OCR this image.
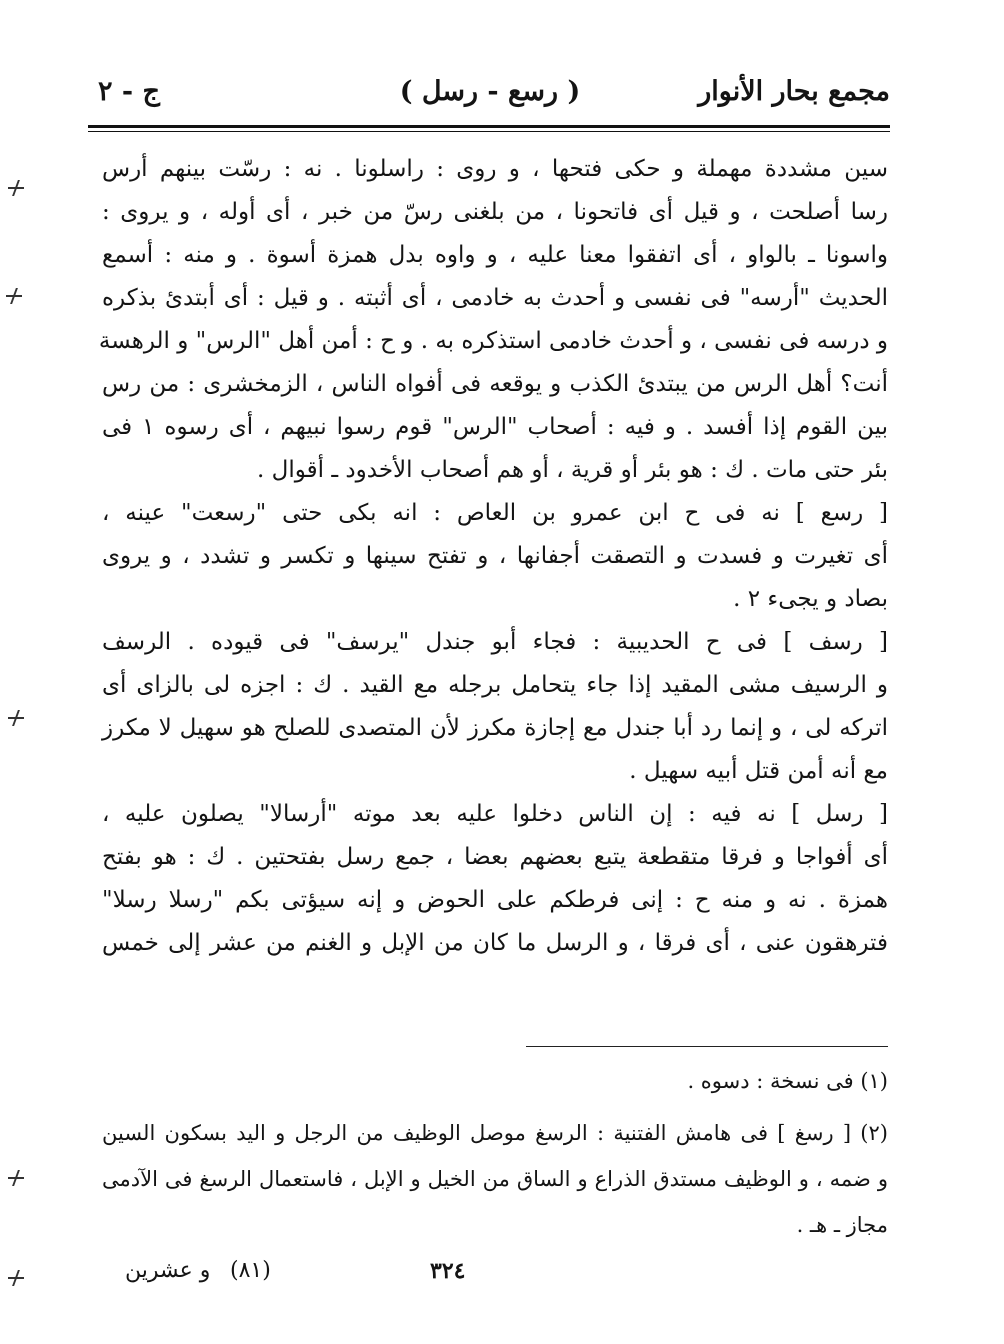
مجمع بحار الأنوار
( رسع - رسل )
ج - ٢
سين مشددة مهملة و حكى فتحها ، و روى : راسلونا . نه : رسّت بينهم أرس
رسا أصلحت ، و قيل أى فاتحونا ، من بلغنى رسّ من خبر ، أى أوله ، و يروى :
واسونا ـ بالواو ، أى اتفقوا معنا عليه ، و واوه بدل همزة أسوة . و منه : أسمع
الحديث "أرسه" فى نفسى و أحدث به خادمى ، أى أثبته . و قيل : أى أبتدئ بذكره
و درسه فى نفسى ، و أحدث خادمى استذكره به . و ح : أمن أهل "الرس" و الرهسة
أنت؟ أهل الرس من يبتدئ الكذب و يوقعه فى أفواه الناس ، الزمخشرى : من رس
بين القوم إذا أفسد . و فيه : أصحاب "الرس" قوم رسوا نبيهم ، أى رسوه ١ فى
بئر حتى مات . ك : هو بئر أو قرية ، أو هم أصحاب الأخدود ـ أقوال .
[ رسع ] نه فى ح ابن عمرو بن العاص : انه بكى حتى "رسعت" عينه ،
أى تغيرت و فسدت و التصقت أجفانها ، و تفتح سينها و تكسر و تشدد ، و يروى
بصاد و يجىء ٢ .
[ رسف ] فى ح الحديبية : فجاء أبو جندل "يرسف" فى قيوده . الرسف
و الرسيف مشى المقيد إذا جاء يتحامل برجله مع القيد . ك : اجزه لى بالزاى أى
اتركه لى ، و إنما رد أبا جندل مع إجازة مكرز لأن المتصدى للصلح هو سهيل لا مكرز
مع أنه أمن قتل أبيه سهيل .
[ رسل ] نه فيه : إن الناس دخلوا عليه بعد موته "أرسالا" يصلون عليه ،
أى أفواجا و فرقا متقطعة يتبع بعضهم بعضا ، جمع رسل بفتحتين . ك : هو بفتح
همزة . نه و منه ح : إنى فرطكم على الحوض و إنه سيؤتى بكم "رسلا رسلا"
فترهقون عنى ، أى فرقا ، و الرسل ما كان من الإبل و الغنم من عشر إلى خمس
(١) فى نسخة : دسوه .
(٢) [ رسغ ] فى هامش الفتنية : الرسغ موصل الوظيف من الرجل و اليد بسكون السين
و ضمه ، و الوظيف مستدق الذراع و الساق من الخيل و الإبل ، فاستعمال الرسغ فى الآدمى
مجاز ـ هـ .
و عشرين (٨١)	٣٢٤
